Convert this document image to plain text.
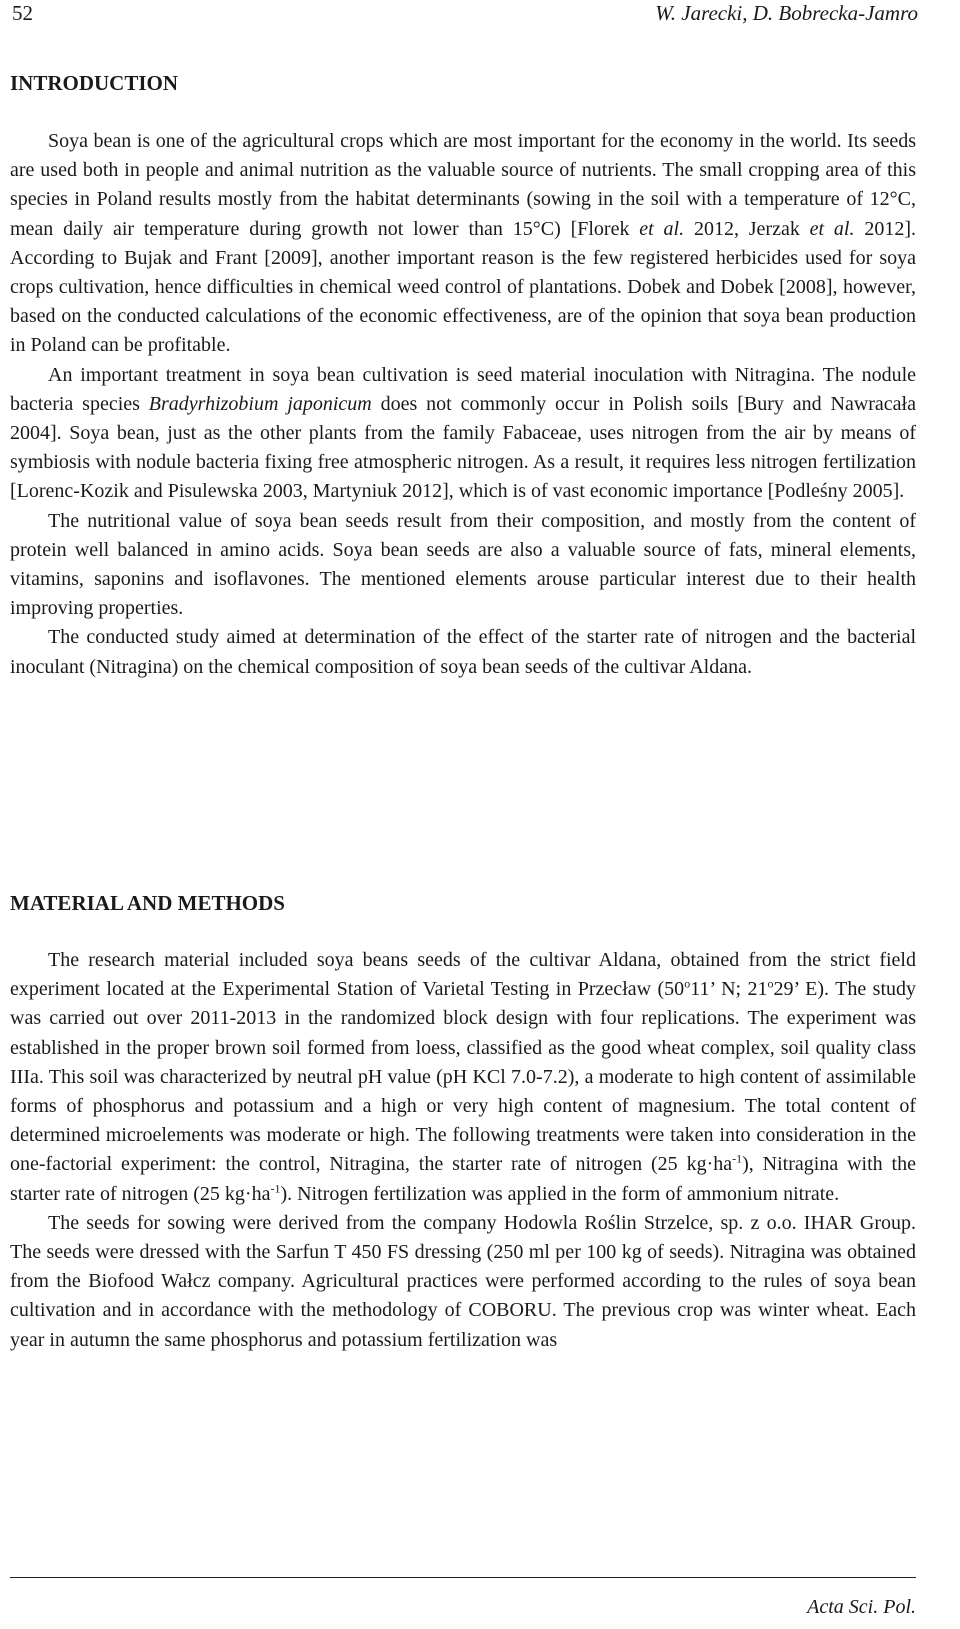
52	W. Jarecki, D. Bobrecka-Jamro
INTRODUCTION

Soya bean is one of the agricultural crops which are most important for the economy in the world. Its seeds are used both in people and animal nutrition as the valuable source of nutrients. The small cropping area of this species in Poland results mostly from the habitat determinants (sowing in the soil with a temperature of 12°C, mean daily air temperature during growth not lower than 15°C) [Florek et al. 2012, Jerzak et al. 2012]. According to Bujak and Frant [2009], another important reason is the few registered herbicides used for soya crops cultivation, hence difficulties in chemical weed control of plantations. Dobek and Dobek [2008], however, based on the conducted calculations of the economic effectiveness, are of the opinion that soya bean production in Poland can be profitable.

An important treatment in soya bean cultivation is seed material inoculation with Nitragina. The nodule bacteria species Bradyrhizobium japonicum does not commonly occur in Polish soils [Bury and Nawracała 2004]. Soya bean, just as the other plants from the family Fabaceae, uses nitrogen from the air by means of symbiosis with nodule bacteria fixing free atmospheric nitrogen. As a result, it requires less nitrogen fertilization [Lorenc-Kozik and Pisulewska 2003, Martyniuk 2012], which is of vast economic importance [Podleśny 2005].

The nutritional value of soya bean seeds result from their composition, and mostly from the content of protein well balanced in amino acids. Soya bean seeds are also a valuable source of fats, mineral elements, vitamins, saponins and isoflavones. The mentioned elements arouse particular interest due to their health improving properties.

The conducted study aimed at determination of the effect of the starter rate of nitrogen and the bacterial inoculant (Nitragina) on the chemical composition of soya bean seeds of the cultivar Aldana.

MATERIAL AND METHODS

The research material included soya beans seeds of the cultivar Aldana, obtained from the strict field experiment located at the Experimental Station of Varietal Testing in Przecław (50$^o$11’ N; 21$^o$29’ E). The study was carried out over 2011-2013 in the randomized block design with four replications. The experiment was established in the proper brown soil formed from loess, classified as the good wheat complex, soil quality class IIIa. This soil was characterized by neutral pH value (pH KCl 7.0-7.2), a moderate to high content of assimilable forms of phosphorus and potassium and a high or very high content of magnesium. The total content of determined microelements was moderate or high. The following treatments were taken into consideration in the one-factorial experiment: the control, Nitragina, the starter rate of nitrogen (25 $kg\cdot ha^{-1}$), Nitragina with the starter rate of nitrogen (25 $kg\cdot ha^{-1}$). Nitrogen fertilization was applied in the form of ammonium nitrate.

The seeds for sowing were derived from the company Hodowla Roślin Strzelce, sp. z o.o. IHAR Group. The seeds were dressed with the Sarfun T 450 FS dressing (250 ml per 100 kg of seeds). Nitragina was obtained from the Biofood Wałcz company. Agricultural practices were performed according to the rules of soya bean cultivation and in accordance with the methodology of COBORU. The previous crop was winter wheat. Each year in autumn the same phosphorus and potassium fertilization was

Acta Sci. Pol.
